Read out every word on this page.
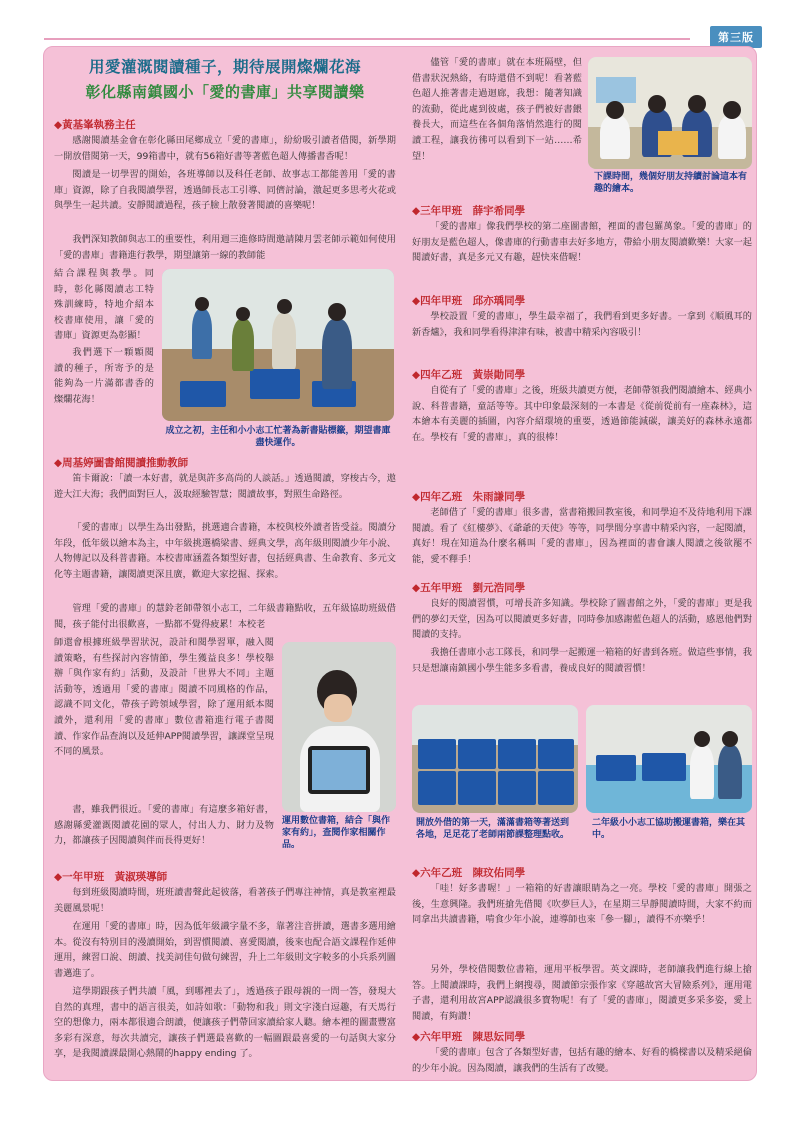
第三版
用愛灌溉閱讀種子，期待展開燦爛花海
彰化縣南鎮國小「愛的書庫」共享閱讀樂
◆黃基峯執務主任
感謝閱讀基金會在彰化縣田尾鄉成立「愛的書庫」，紛紛吸引讀者借閱，新學期一開放借閱第一天，99箱書中，就有56箱好書等著藍色超人傳播書香呢！
閱讀是一切學習的開始，各班導師以及科任老師、故事志工都能善用「愛的書庫」資源，除了自我閱讀學習，透過師長志工引導、同儕討論，激起更多思考火花或與學生一起共讀。安靜閱讀過程，孩子臉上散發著閱讀的喜樂呢！
我們深知教師與志工的重要性，利用週三進修時間邀請陳月雲老師示範如何使用「愛的書庫」書籍進行教學，期望讓第一線的教師能
結合課程與教學。同時，彰化縣閱讀志工特殊訓練時，特地介紹本校書庫使用，讓「愛的書庫」資源更為彰顯！
我們選下一顆顆閱讀的種子，所寄予的是能夠為一片滿都書香的燦爛花海！
成立之初，主任和小小志工忙著為新書貼標籤，期望書庫盡快運作。
◆周基婷圖書館閱讀推動教師
笛卡爾說：「讀一本好書，就是與許多高尚的人談話。」透過閱讀，穿梭古今，遨遊大江大海；我們面對巨人，汲取經驗智慧；閱讀故事，對照生命路徑。
「愛的書庫」以學生為出發點，挑選適合書籍，本校與校外讀者皆受益。閱讀分年段，低年級以繪本為主，中年級挑選橋梁書、經典文學，高年級則閱讀少年小說、人物傳記以及科普書籍。本校書庫涵蓋各類型好書，包括經典書、生命教育、多元文化等主題書籍，讓閱讀更深且廣，歡迎大家挖掘、探索。
管理「愛的書庫」的慧鈴老師帶領小志工，二年級書籍點收，五年級協助班級借閱，孩子能付出很歡喜，一點都不覺得疲累！本校老
師還會根據班級學習狀況，設計和閱學習單，融入閱讀策略，有些探討內容情節，學生獲益良多！學校舉辦「與作家有約」活動，及設計「世界大不同」主題活動等，透過用「愛的書庫」閱讀不同風格的作品，認識不同文化，帶孩子跨領域學習，除了運用紙本閱讀外，還利用「愛的書庫」數位書箱進行電子書閱讀、作家作品查詢以及延伸APP閱讀學習，讓課堂呈現不同的風景。
書，雖我們很近。「愛的書庫」有這麼多箱好書，感謝縣愛灌溉閱讀花園的眾人，付出人力、財力及物力，都讓孩子因閱讀與伴而長得更好！
運用數位書箱，結合「與作家有約」，查閱作家相關作品。
◆一年甲班　黃淑瑛導師
每到班級閱讀時間，班班讀書聲此起彼落，看著孩子們專注神情，真是教室裡最美麗風景呢！
在運用「愛的書庫」時，因為低年級識字量不多，靠著注音拼讀，選書多選用繪本。從沒有特別目的漫讀開始，到習慣閱讀、喜愛閱讀，後來也配合語文課程作延伸運用，練習口說、朗讀、找美詞佳句做句練習，升上二年級則文字較多的小兵系列圖書邁進了。
這學期跟孩子們共讀「風，到哪裡去了」，透過孩子跟母親的一問一答，發現大自然的真理，書中的語言很美，如詩如歌：「動物和我」則文字淺白逗趣，有天馬行空的想像力，兩本都很適合朗讀，便讓孩子們帶回家讀給家人聽。繪本裡的圖畫豐富多彩有深意，每次共讀完，讓孩子們選最喜歡的一幅圖跟最喜愛的一句話與大家分享，是我閱讀課最開心熱鬧的happy ending 了。
儘管「愛的書庫」就在本班隔壁，但借書狀況熱絡，有時還借不到呢！看著藍色超人推著書走過迴廊，我想：隨著知識的流動，從此處到彼處，孩子們被好書餵養長大，而這些在各個角落悄然進行的閱讀工程，讓我彷彿可以看到下一站……希望！
下課時間，幾個好朋友持續討論這本有趣的繪本。
◆三年甲班　薛宇希同學
「愛的書庫」像我們學校的第二座圖書館，裡面的書包羅萬象。「愛的書庫」的好朋友是藍色超人，像書庫的行動書車去好多地方，帶給小朋友閱讀歡樂！大家一起閱讀好書，真是多元又有趣，趕快來借喔！
◆四年甲班　邱亦瑀同學
學校設置「愛的書庫」，學生最幸福了，我們看到更多好書。一拿到《順風耳的新香爐》，我和同學看得津津有味，被書中精采內容吸引！
◆四年乙班　黃崇勛同學
自從有了「愛的書庫」之後，班級共讀更方便，老師帶領我們閱讀繪本、經典小說、科普書籍，童話等等。其中印象最深刻的一本書是《從前從前有一座森林》，這本繪本有美麗的插圖，內容介紹環境的重要，透過節能減碳，讓美好的森林永遠都在。學校有「愛的書庫」，真的很棒！
◆四年乙班　朱雨謙同學
老師借了「愛的書庫」很多書，當書箱搬回教室後，和同學迫不及待地利用下課閱讀。看了《紅樓夢》、《爺爺的天使》等等，同學間分享書中精采內容，一起閱讀，真好！現在知道為什麼名稱叫「愛的書庫」，因為裡面的書會讓人閱讀之後欲罷不能，愛不釋手！
◆五年甲班　劉元浩同學
良好的閱讀習慣，可增長許多知識。學校除了圖書館之外，「愛的書庫」更是我們的夢幻天堂，因為可以閱讀更多好書，同時參加感謝藍色超人的活動，感恩他們對閱讀的支持。
我擔任書庫小志工隊長，和同學一起搬運一箱箱的好書到各班。做這些事情，我只是想讓南鎮國小學生能多多看書，養成良好的閱讀習慣！
開放外借的第一天，滿滿書箱等著送到各地，足足花了老師兩節課整理點收。
二年級小小志工協助搬運書箱，樂在其中。
◆六年乙班　陳玟佑同學
「哇！好多書喔！」一箱箱的好書讓眼睛為之一亮。學校「愛的書庫」開張之後，生意興隆。我們班搶先借閱《吹夢巨人》，在星期三早靜閱讀時間，大家不約而同拿出共讀書籍，啃食少年小說，連導師也來「參一腳」，讀得不亦樂乎！
另外，學校借閱數位書箱，運用平板學習。英文課時，老師讓我們進行線上搶答。上閱讀課時，我們上網搜尋，閱讀節宗張作家《穿越故宮大冒險系列》，運用電子書，還利用故宮APP認識很多寶物呢！有了「愛的書庫」，閱讀更多采多姿，愛上閱讀，有夠讚！
◆六年甲班　陳思妘同學
「愛的書庫」包含了各類型好書，包括有趣的繪本、好看的橋樑書以及精采絕倫的少年小說。因為閱讀，讓我們的生活有了改變。
